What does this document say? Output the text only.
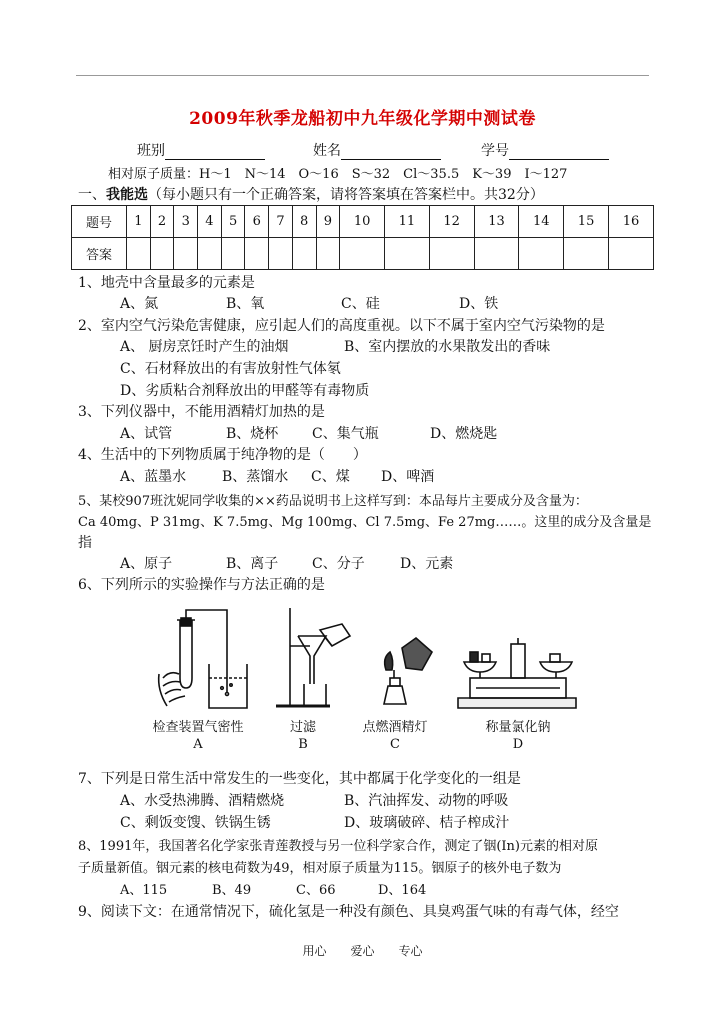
2009年秋季龙船初中九年级化学期中测试卷
班别	姓名	学号
相对原子质量：H～1　N～14　O～16　S～32　Cl～35.5　K～39　I～127
一、我能选（每小题只有一个正确答案，请将答案填在答案栏中。共32分）
题号	1	2	3	4	5	6	7	8	9	10	11	12	13	14	15	16
答案																
1、地壳中含量最多的元素是
A、氮	B、氧	C、硅	D、铁
2、室内空气污染危害健康，应引起人们的高度重视。以下不属于室内空气污染物的是
A、 厨房烹饪时产生的油烟	B、室内摆放的水果散发出的香味
C、石材释放出的有害放射性气体氡
D、劣质粘合剂释放出的甲醛等有毒物质
3、下列仪器中，不能用酒精灯加热的是
A、试管	B、烧杯 C、集气瓶	D、燃烧匙
4、生活中的下列物质属于纯净物的是（　　）
A、蓝墨水	B、蒸馏水 C、煤 D、啤酒
5、某校907班沈妮同学收集的××药品说明书上这样写到：本品每片主要成分及含量为：
Ca 40mg、P 31mg、K 7.5mg、Mg 100mg、Cl 7.5mg、Fe 27mg……。这里的成分及含量是
指
A、原子	B、离子 C、分子	D、元素
6、下列所示的实验操作与方法正确的是
检查装置气密性
A
过滤
B
点燃酒精灯
C
称量氯化钠
D
7、下列是日常生活中常发生的一些变化，其中都属于化学变化的一组是
A、水受热沸腾、酒精燃烧	B、汽油挥发、动物的呼吸
C、剩饭变馊、铁锅生锈	D、玻璃破碎、桔子榨成汁
8、1991年，我国著名化学家张青莲教授与另一位科学家合作，测定了铟(In)元素的相对原
子质量新值。铟元素的核电荷数为49，相对原子质量为115。铟原子的核外电子数为
A、115	B、49	C、66	D、164
9、阅读下文：在通常情况下，硫化氢是一种没有颜色、具臭鸡蛋气味的有毒气体，经空
用心　　爱心　　专心
